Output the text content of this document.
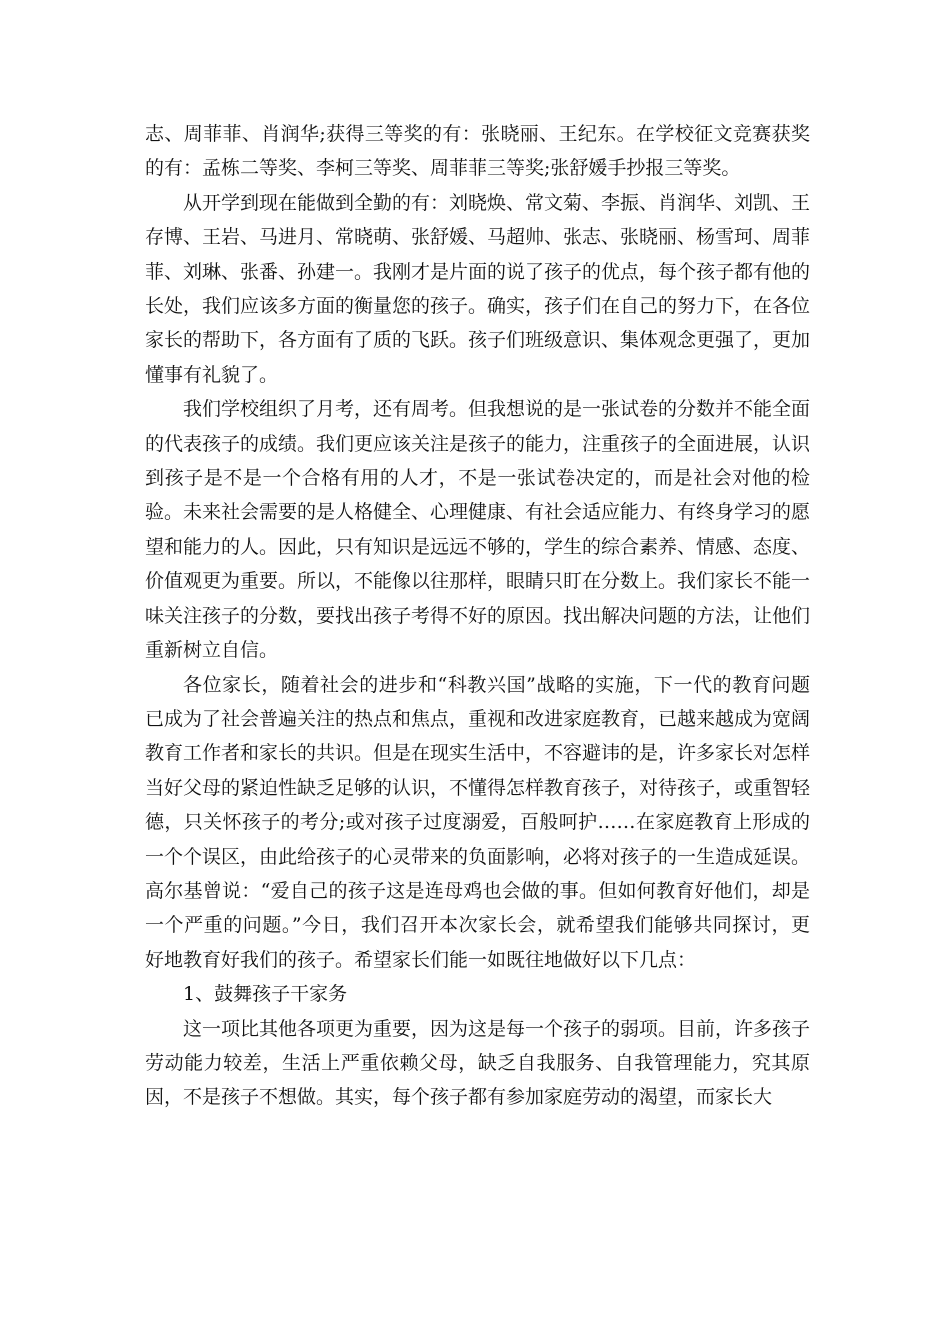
志、周菲菲、肖润华;获得三等奖的有：张晓丽、王纪东。在学校征文竞赛获奖的有：孟栋二等奖、李柯三等奖、周菲菲三等奖;张舒媛手抄报三等奖。

从开学到现在能做到全勤的有：刘晓焕、常文菊、李振、肖润华、刘凯、王存博、王岩、马进月、常晓萌、张舒媛、马超帅、张志、张晓丽、杨雪珂、周菲菲、刘琳、张番、孙建一。我刚才是片面的说了孩子的优点，每个孩子都有他的长处，我们应该多方面的衡量您的孩子。确实，孩子们在自己的努力下，在各位家长的帮助下，各方面有了质的飞跃。孩子们班级意识、集体观念更强了，更加懂事有礼貌了。

我们学校组织了月考，还有周考。但我想说的是一张试卷的分数并不能全面的代表孩子的成绩。我们更应该关注是孩子的能力，注重孩子的全面进展，认识到孩子是不是一个合格有用的人才，不是一张试卷决定的，而是社会对他的检验。未来社会需要的是人格健全、心理健康、有社会适应能力、有终身学习的愿望和能力的人。因此，只有知识是远远不够的，学生的综合素养、情感、态度、价值观更为重要。所以，不能像以往那样，眼睛只盯在分数上。我们家长不能一味关注孩子的分数，要找出孩子考得不好的原因。找出解决问题的方法，让他们重新树立自信。

各位家长，随着社会的进步和“科教兴国”战略的实施，下一代的教育问题已成为了社会普遍关注的热点和焦点，重视和改进家庭教育，已越来越成为宽阔教育工作者和家长的共识。但是在现实生活中，不容避讳的是，许多家长对怎样当好父母的紧迫性缺乏足够的认识，不懂得怎样教育孩子，对待孩子，或重智轻德，只关怀孩子的考分;或对孩子过度溺爱，百般呵护……在家庭教育上形成的一个个误区，由此给孩子的心灵带来的负面影响，必将对孩子的一生造成延误。高尔基曾说：“爱自己的孩子这是连母鸡也会做的事。但如何教育好他们，却是一个严重的问题。”今日，我们召开本次家长会，就希望我们能够共同探讨，更好地教育好我们的孩子。希望家长们能一如既往地做好以下几点：

1、鼓舞孩子干家务

这一项比其他各项更为重要，因为这是每一个孩子的弱项。目前，许多孩子劳动能力较差，生活上严重依赖父母，缺乏自我服务、自我管理能力，究其原因，不是孩子不想做。其实，每个孩子都有参加家庭劳动的渴望，而家长大
